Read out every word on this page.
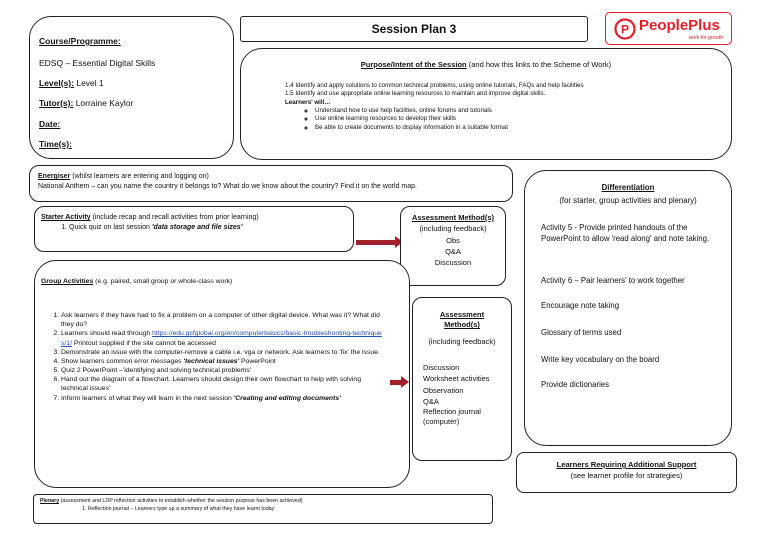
Session Plan 3	P PeoplePlus
work for growth
Course/Programme:
EDSQ – Essential Digital Skills
Level(s): Level 1
Tutor(s): Lorraine Kaylor
Date:
Time(s):
Purpose/Intent of the Session (and how this links to the Scheme of Work)
1.4 Identify and apply solutions to common technical problems, using online tutorials, FAQs and help facilities
1.5 Identify and use appropriate online learning resources to maintain and improve digital skills.
Learners' will…
◦ Understand how to use help facilities, online forums and tutorials
◦ Use online learning resources to develop their skills
◦ Be able to create documents to display information in a suitable format
Energiser (whilst learners are entering and logging on)
National Anthem – can you name the country it belongs to? What do we know about the country? Find it on the world map.
Starter Activity (include recap and recall activities from prior learning)
1. Quick quiz on last session 'data storage and file sizes'
Assessment Method(s)
(including feedback)
Obs
Q&A
Discussion
Group Activities (e.g. paired, small group or whole-class work)
1. Ask learners if they have had to fix a problem on a computer of other digital device. What was it? What did they do?
2. Learners should read through https://edu.gcfglobal.org/en/computerbasics/basic-troubleshooting-techniques/1/ Printout supplied if the site cannot be accessed
3. Demonstrate an issue with the computer-remove a cable i.e. vga or network. Ask learners to 'fix' the issue.
4. Show learners common error messages 'technical issues' PowerPoint
5. Quiz 2 PowerPoint –'identifying and solving technical problems'
6. Hand out the diagram of a flowchart. Learners should design their own flowchart to help with solving technical issues'
7. Inform learners of what they will learn in the next session 'Creating and editing documents'
Assessment Method(s)
(including feedback)
Discussion
Worksheet activities
Observation
Q&A
Reflection journal (computer)
Differentiation
(for starter, group activities and plenary)
Activity 5 - Provide printed handouts of the PowerPoint to allow 'read along' and note taking.
Activity 6 – Pair learners' to work together
Encourage note taking
Glossary of terms used
Write key vocabulary on the board
Provide dictionaries
Learners Requiring Additional Support
(see learner profile for strategies)
Plenary (assessment and LDP reflection activities to establish whether the session purpose has been achieved)
1. Reflection journal – Learners type up a summary of what they have learnt today
